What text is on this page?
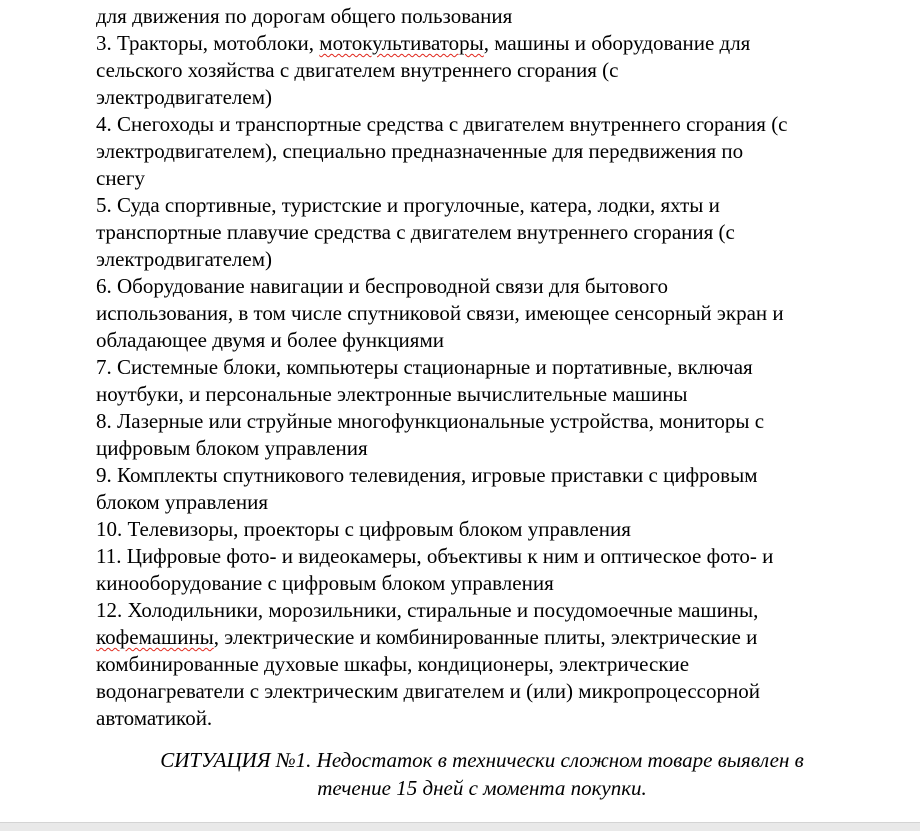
для движения по дорогам общего пользования
3. Тракторы, мотоблоки, мотокультиваторы, машины и оборудование для
сельского хозяйства с двигателем внутреннего сгорания (с
электродвигателем)
4. Снегоходы и транспортные средства с двигателем внутреннего сгорания (с
электродвигателем), специально предназначенные для передвижения по
снегу
5. Суда спортивные, туристские и прогулочные, катера, лодки, яхты и
транспортные плавучие средства с двигателем внутреннего сгорания (с
электродвигателем)
6. Оборудование навигации и беспроводной связи для бытового
использования, в том числе спутниковой связи, имеющее сенсорный экран и
обладающее двумя и более функциями
7. Системные блоки, компьютеры стационарные и портативные, включая
ноутбуки, и персональные электронные вычислительные машины
8. Лазерные или струйные многофункциональные устройства, мониторы с
цифровым блоком управления
9. Комплекты спутникового телевидения, игровые приставки с цифровым
блоком управления
10. Телевизоры, проекторы с цифровым блоком управления
11. Цифровые фото- и видеокамеры, объективы к ним и оптическое фото- и
кинооборудование с цифровым блоком управления
12. Холодильники, морозильники, стиральные и посудомоечные машины,
кофемашины, электрические и комбинированные плиты, электрические и
комбинированные духовые шкафы, кондиционеры, электрические
водонагреватели с электрическим двигателем и (или) микропроцессорной
автоматикой.
СИТУАЦИЯ №1. Недостаток в технически сложном товаре выявлен в
течение 15 дней с момента покупки.
